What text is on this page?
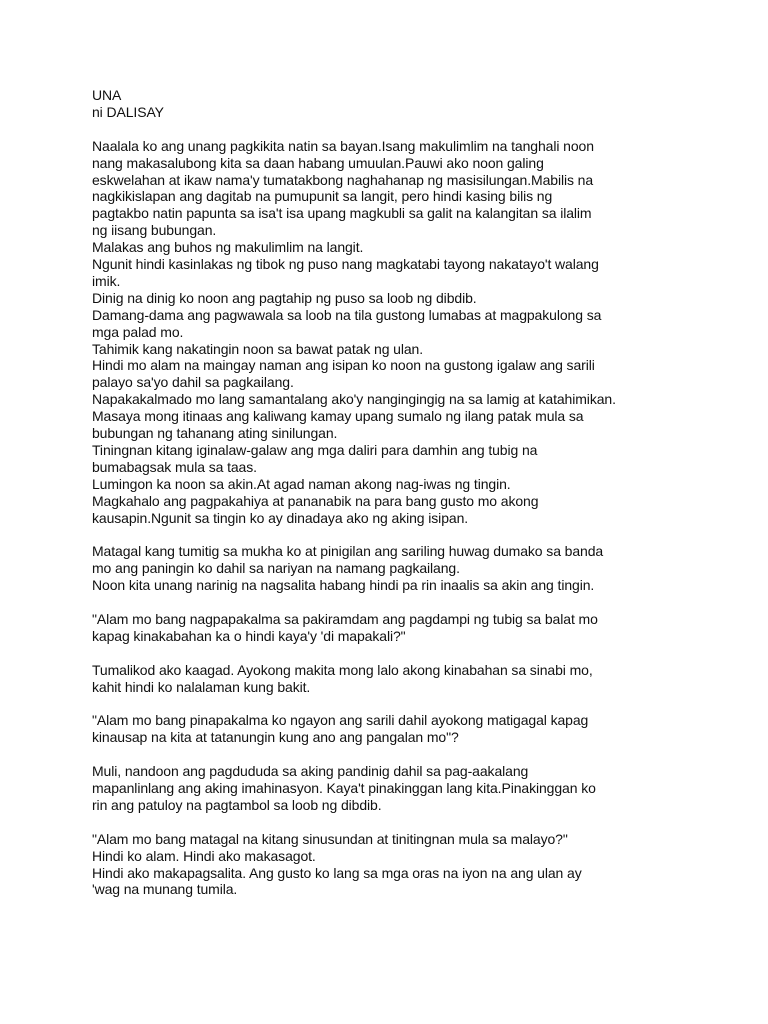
UNA

ni DALISAY

Naalala ko ang unang pagkikita natin sa bayan.Isang makulimlim na tanghali noon

nang makasalubong kita sa daan habang umuulan.Pauwi ako noon galing

eskwelahan at ikaw nama'y tumatakbong naghahanap ng masisilungan.Mabilis na

nagkikislapan ang dagitab na pumupunit sa langit, pero hindi kasing bilis ng

pagtakbo natin papunta sa isa't isa upang magkubli sa galit na kalangitan sa ilalim

ng iisang bubungan.

Malakas ang buhos ng makulimlim na langit.

Ngunit hindi kasinlakas ng tibok ng puso nang magkatabi tayong nakatayo't walang

imik.

Dinig na dinig ko noon ang pagtahip ng puso sa loob ng dibdib.

Damang-dama ang pagwawala sa loob na tila gustong lumabas at magpakulong sa

mga palad mo.

Tahimik kang nakatingin noon sa bawat patak ng ulan.

Hindi mo alam na maingay naman ang isipan ko noon na gustong igalaw ang sarili

palayo sa'yo dahil sa pagkailang.

Napakakalmado mo lang samantalang ako'y nangingingig na sa lamig at katahimikan.

Masaya mong itinaas ang kaliwang kamay upang sumalo ng ilang patak mula sa

bubungan ng tahanang ating sinilungan.

Tiningnan kitang iginalaw-galaw ang mga daliri para damhin ang tubig na

bumabagsak mula sa taas.

Lumingon ka noon sa akin.At agad naman akong nag-iwas ng tingin.

Magkahalo ang pagpakahiya at pananabik na para bang gusto mo akong

kausapin.Ngunit sa tingin ko ay dinadaya ako ng aking isipan.

Matagal kang tumitig sa mukha ko at pinigilan ang sariling huwag dumako sa banda

mo ang paningin ko dahil sa nariyan na namang pagkailang.

Noon kita unang narinig na nagsalita habang hindi pa rin inaalis sa akin ang tingin.

"Alam mo bang nagpapakalma sa pakiramdam ang pagdampi ng tubig sa balat mo

kapag kinakabahan ka o hindi kaya'y 'di mapakali?"

Tumalikod ako kaagad. Ayokong makita mong lalo akong kinabahan sa sinabi mo,

kahit hindi ko nalalaman kung bakit.

"Alam mo bang pinapakalma ko ngayon ang sarili dahil ayokong matigagal kapag

kinausap na kita at tatanungin kung ano ang pangalan mo"?

Muli, nandoon ang pagdududa sa aking pandinig dahil sa pag-aakalang

mapanlinlang ang aking imahinasyon. Kaya't pinakinggan lang kita.Pinakinggan ko

rin ang patuloy na pagtambol sa loob ng dibdib.

"Alam mo bang matagal na kitang sinusundan at tinitingnan mula sa malayo?"

Hindi ko alam. Hindi ako makasagot.

Hindi ako makapagsalita. Ang gusto ko lang sa mga oras na iyon na ang ulan ay

'wag na munang tumila.
